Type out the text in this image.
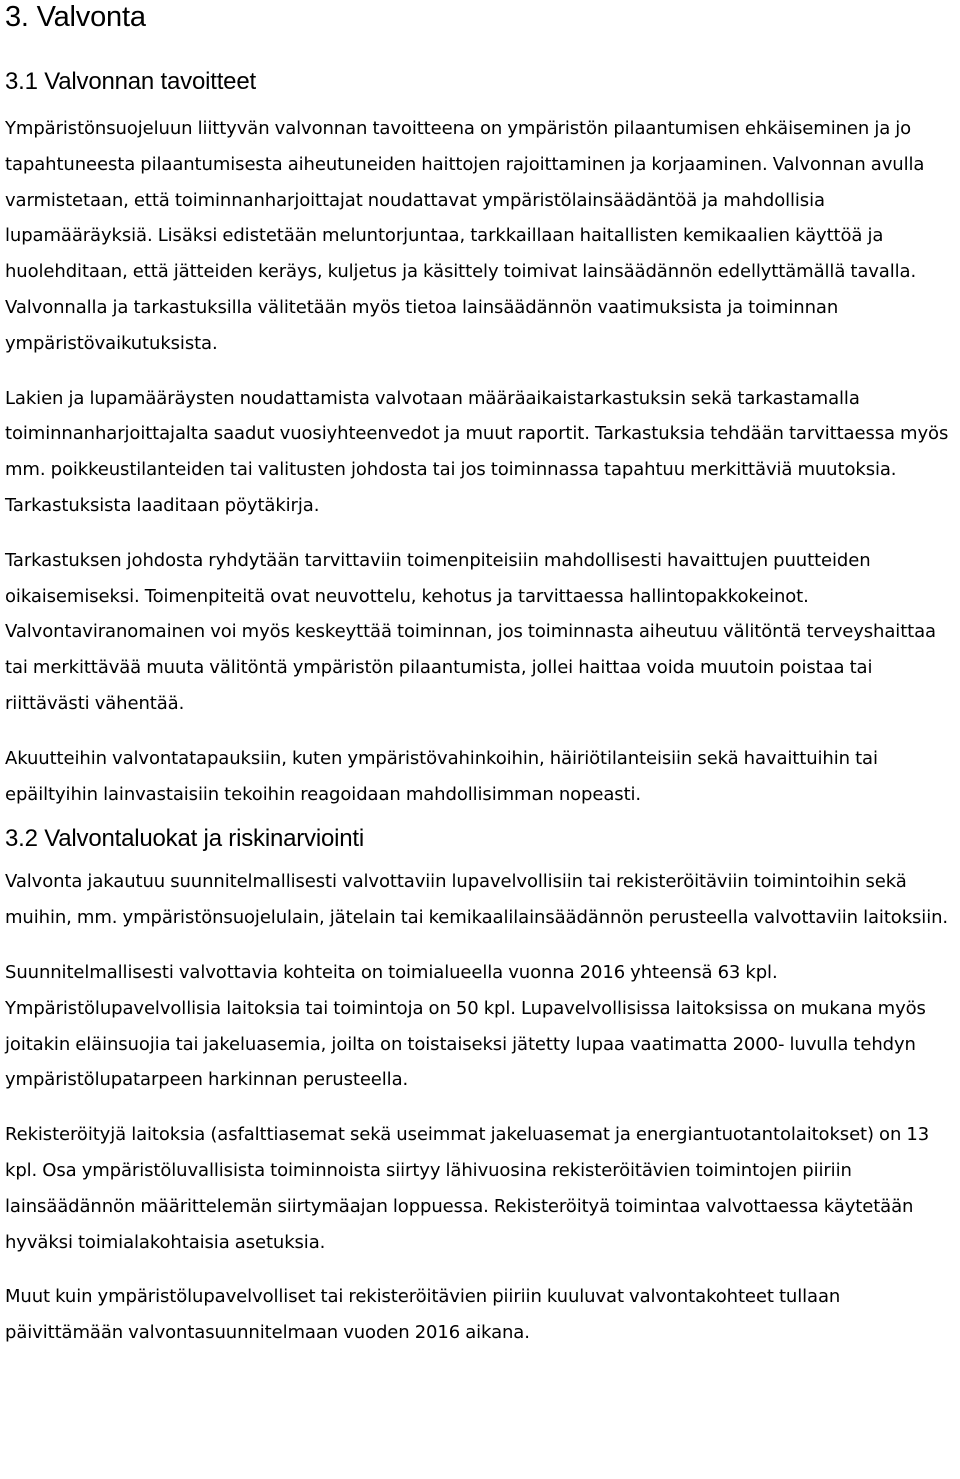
3. Valvonta
3.1 Valvonnan tavoitteet

Ympäristönsuojeluun liittyvän valvonnan tavoitteena on ympäristön pilaantumisen ehkäiseminen ja jo tapahtuneesta pilaantumisesta aiheutuneiden haittojen rajoittaminen ja korjaaminen. Valvonnan avulla varmistetaan, että toiminnanharjoittajat noudattavat ympäristölainsäädäntöä ja mahdollisia lupamääräyksiä. Lisäksi edistetään meluntorjuntaa, tarkkaillaan haitallisten kemikaalien käyttöä ja huolehditaan, että jätteiden keräys, kuljetus ja käsittely toimivat lainsäädännön edellyttämällä tavalla. Valvonnalla ja tarkastuksilla välitetään myös tietoa lainsäädännön vaatimuksista ja toiminnan ympäristövaikutuksista.

Lakien ja lupamääräysten noudattamista valvotaan määräaikaistarkastuksin sekä tarkastamalla toiminnanharjoittajalta saadut vuosiyhteenvedot ja muut raportit. Tarkastuksia tehdään tarvittaessa myös mm. poikkeustilanteiden tai valitusten johdosta tai jos toiminnassa tapahtuu merkittäviä muutoksia. Tarkastuksista laaditaan pöytäkirja.

Tarkastuksen johdosta ryhdytään tarvittaviin toimenpiteisiin mahdollisesti havaittujen puutteiden oikaisemiseksi. Toimenpiteitä ovat neuvottelu, kehotus ja tarvittaessa hallintopakkokeinot. Valvontaviranomainen voi myös keskeyttää toiminnan, jos toiminnasta aiheutuu välitöntä terveyshaittaa tai merkittävää muuta välitöntä ympäristön pilaantumista, jollei haittaa voida muutoin poistaa tai riittävästi vähentää.

Akuutteihin valvontatapauksiin, kuten ympäristövahinkoihin, häiriötilanteisiin sekä havaittuihin tai epäiltyihin lainvastaisiin tekoihin reagoidaan mahdollisimman nopeasti.

3.2 Valvontaluokat ja riskinarviointi

Valvonta jakautuu suunnitelmallisesti valvottaviin lupavelvollisiin tai rekisteröitäviin toimintoihin sekä muihin, mm. ympäristönsuojelulain, jätelain tai kemikaalilainsäädännön perusteella valvottaviin laitoksiin.

Suunnitelmallisesti valvottavia kohteita on toimialueella vuonna 2016 yhteensä 63 kpl. Ympäristölupavelvollisia laitoksia tai toimintoja on 50 kpl. Lupavelvollisissa laitoksissa on mukana myös joitakin eläinsuojia tai jakeluasemia, joilta on toistaiseksi jätetty lupaa vaatimatta 2000- luvulla tehdyn ympäristölupatarpeen harkinnan perusteella.

Rekisteröityjä laitoksia (asfalttiasemat sekä useimmat jakeluasemat ja energiantuotantolaitokset) on 13 kpl. Osa ympäristöluvallisista toiminnoista siirtyy lähivuosina rekisteröitävien toimintojen piiriin lainsäädännön määrittelemän siirtymäajan loppuessa. Rekisteröityä toimintaa valvottaessa käytetään hyväksi toimialakohtaisia asetuksia.

Muut kuin ympäristölupavelvolliset tai rekisteröitävien piiriin kuuluvat valvontakohteet tullaan päivittämään valvontasuunnitelmaan vuoden 2016 aikana.
